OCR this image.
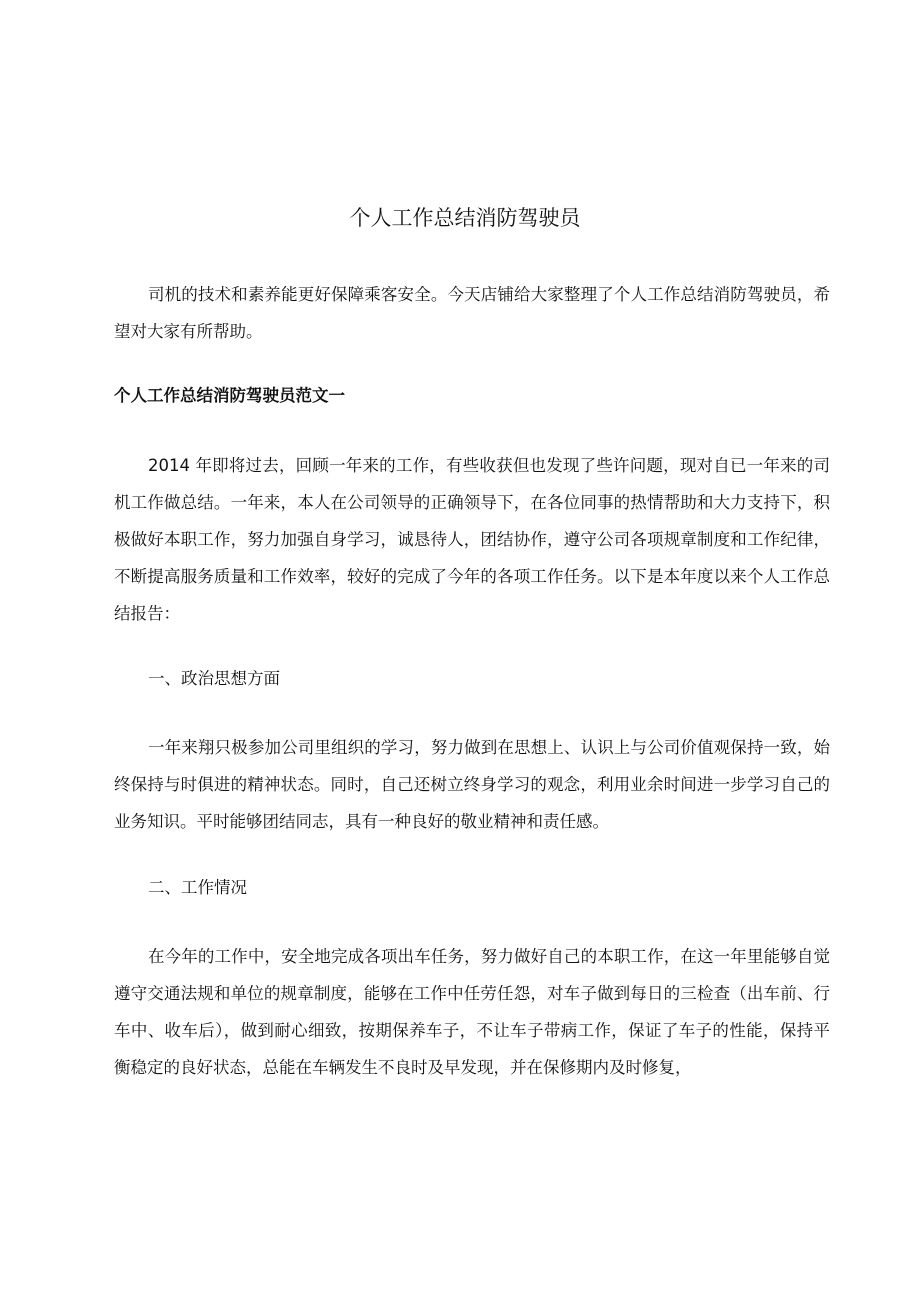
个人工作总结消防驾驶员

司机的技术和素养能更好保障乘客安全。今天店铺给大家整理了个人工作总结消防驾驶员，希望对大家有所帮助。

个人工作总结消防驾驶员范文一

2014 年即将过去，回顾一年来的工作，有些收获但也发现了些许问题，现对自已一年来的司机工作做总结。一年来，本人在公司领导的正确领导下，在各位同事的热情帮助和大力支持下，积极做好本职工作，努力加强自身学习，诚恳待人，团结协作，遵守公司各项规章制度和工作纪律，不断提高服务质量和工作效率，较好的完成了今年的各项工作任务。以下是本年度以来个人工作总结报告：

一、政治思想方面

一年来翔只极参加公司里组织的学习，努力做到在思想上、认识上与公司价值观保持一致，始终保持与时俱进的精神状态。同时，自己还树立终身学习的观念，利用业余时间进一步学习自己的业务知识。平时能够团结同志，具有一种良好的敬业精神和责任感。

二、工作情况

在今年的工作中，安全地完成各项出车任务，努力做好自己的本职工作，在这一年里能够自觉遵守交通法规和单位的规章制度，能够在工作中任劳任怨，对车子做到每日的三检查（出车前、行车中、收车后），做到耐心细致，按期保养车子，不让车子带病工作，保证了车子的性能，保持平衡稳定的良好状态，总能在车辆发生不良时及早发现，并在保修期内及时修复，
